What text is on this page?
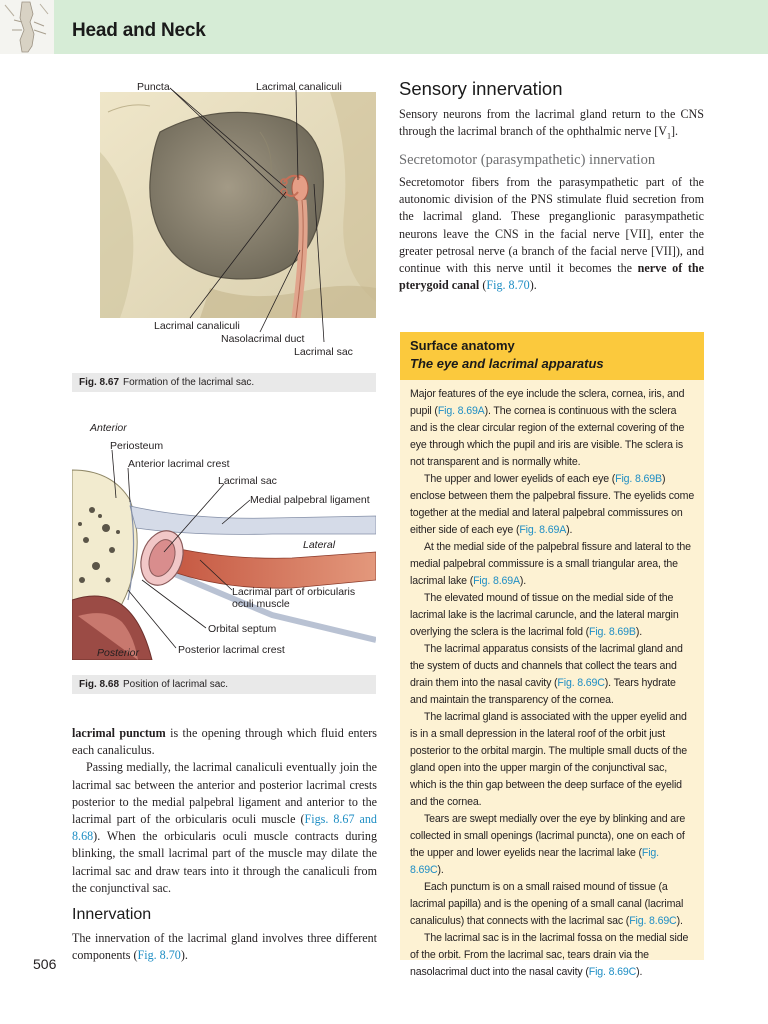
Head and Neck
Puncta	Lacrimal canaliculi
Lacrimal canaliculi
Nasolacrimal duct
Lacrimal sac
Fig. 8.67 Formation of the lacrimal sac.
Anterior
Periosteum
Anterior lacrimal crest
Lacrimal sac
Medial palpebral ligament
Lateral
Lacrimal part of orbicularis
oculi muscle
Orbital septum
Posterior	Posterior lacrimal crest
Fig. 8.68 Position of lacrimal sac.

lacrimal punctum is the opening through which fluid enters each canaliculus.

Passing medially, the lacrimal canaliculi eventually join the lacrimal sac between the anterior and posterior lacrimal crests posterior to the medial palpebral ligament and anterior to the lacrimal part of the orbicularis oculi muscle (Figs. 8.67 and 8.68). When the orbicularis oculi muscle contracts during blinking, the small lacrimal part of the muscle may dilate the lacrimal sac and draw tears into it through the canaliculi from the conjunctival sac.

Innervation

The innervation of the lacrimal gland involves three different components (Fig. 8.70).

Sensory innervation

Sensory neurons from the lacrimal gland return to the CNS through the lacrimal branch of the ophthalmic nerve $[V_1]$.

Secretomotor (parasympathetic) innervation

Secretomotor fibers from the parasympathetic part of the autonomic division of the PNS stimulate fluid secretion from the lacrimal gland. These preganglionic parasympathetic neurons leave the CNS in the facial nerve [VII], enter the greater petrosal nerve (a branch of the facial nerve [VII]), and continue with this nerve until it becomes the nerve of the pterygoid canal (Fig. 8.70).

Surface anatomy
The eye and lacrimal apparatus

Major features of the eye include the sclera, cornea, iris, and pupil (Fig. 8.69A). The cornea is continuous with the sclera and is the clear circular region of the external covering of the eye through which the pupil and iris are visible. The sclera is not transparent and is normally white.

The upper and lower eyelids of each eye (Fig. 8.69B) enclose between them the palpebral fissure. The eyelids come together at the medial and lateral palpebral commissures on either side of each eye (Fig. 8.69A).

At the medial side of the palpebral fissure and lateral to the medial palpebral commissure is a small triangular area, the lacrimal lake (Fig. 8.69A).

The elevated mound of tissue on the medial side of the lacrimal lake is the lacrimal caruncle, and the lateral margin overlying the sclera is the lacrimal fold (Fig. 8.69B).

The lacrimal apparatus consists of the lacrimal gland and the system of ducts and channels that collect the tears and drain them into the nasal cavity (Fig. 8.69C). Tears hydrate and maintain the transparency of the cornea.

The lacrimal gland is associated with the upper eyelid and is in a small depression in the lateral roof of the orbit just posterior to the orbital margin. The multiple small ducts of the gland open into the upper margin of the conjunctival sac, which is the thin gap between the deep surface of the eyelid and the cornea.

Tears are swept medially over the eye by blinking and are collected in small openings (lacrimal puncta), one on each of the upper and lower eyelids near the lacrimal lake (Fig. 8.69C).

Each punctum is on a small raised mound of tissue (a lacrimal papilla) and is the opening of a small canal (lacrimal canaliculus) that connects with the lacrimal sac (Fig. 8.69C).

The lacrimal sac is in the lacrimal fossa on the medial side of the orbit. From the lacrimal sac, tears drain via the nasolacrimal duct into the nasal cavity (Fig. 8.69C).

506
